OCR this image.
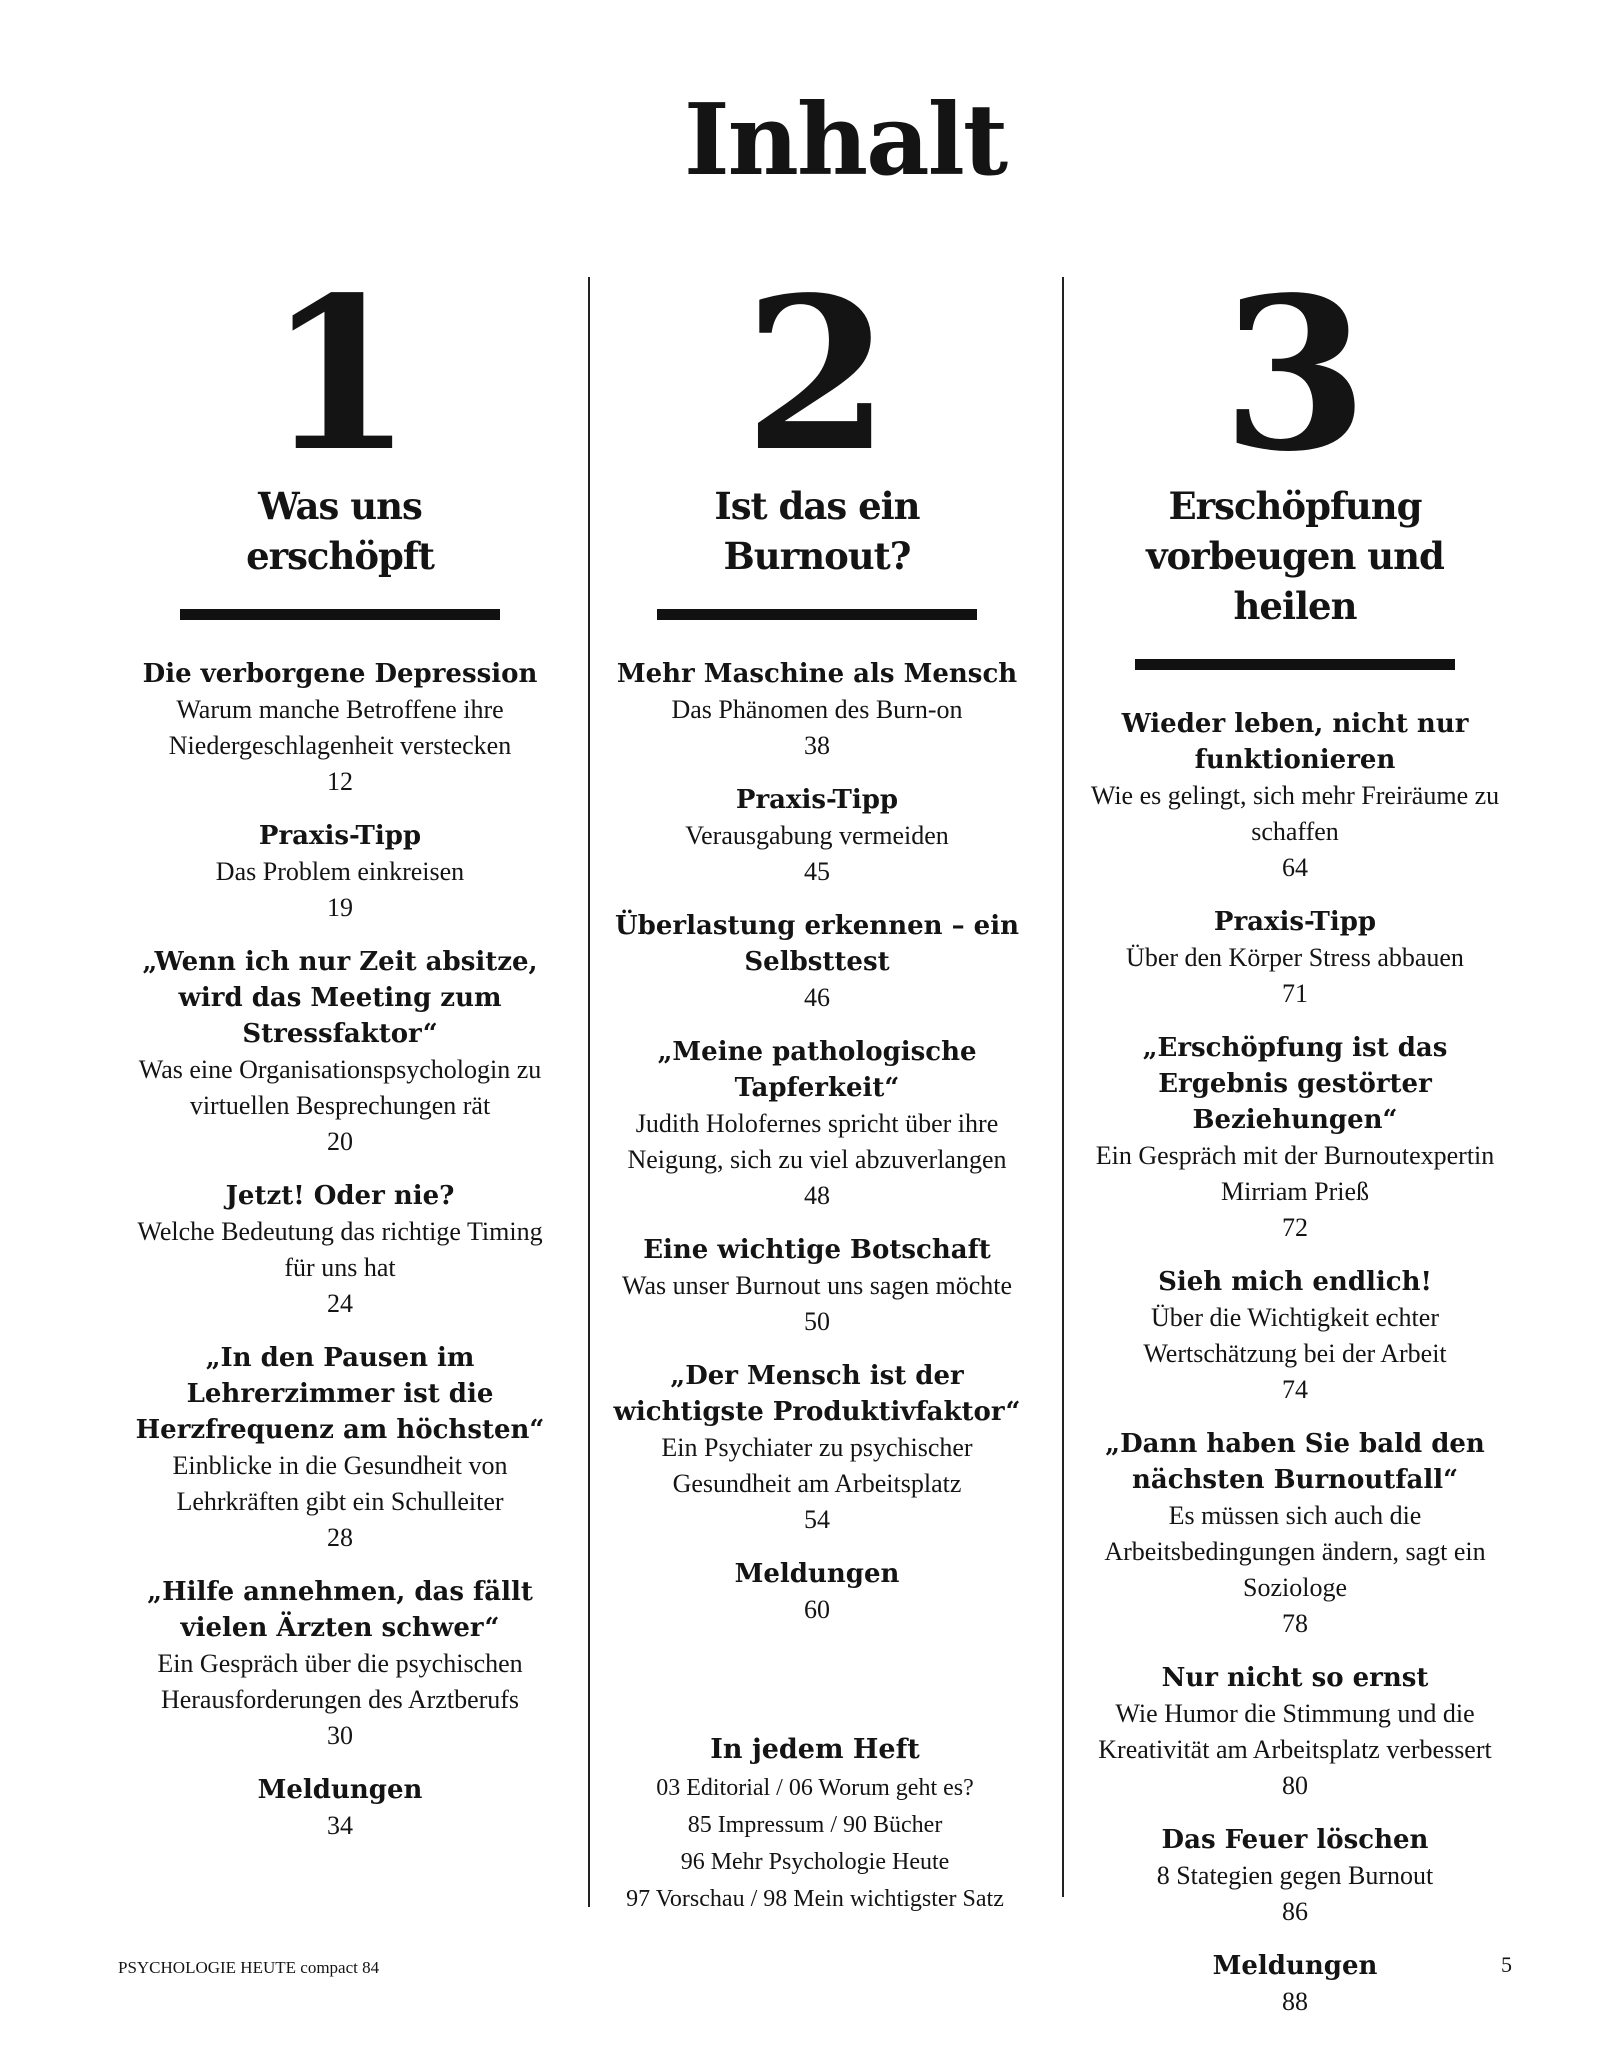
Inhalt
1
Was uns erschöpft
Die verborgene Depression
Warum manche Betroffene ihre Niedergeschlagenheit verstecken
12
Praxis-Tipp
Das Problem einkreisen
19
„Wenn ich nur Zeit absitze, wird das Meeting zum Stressfaktor“
Was eine Organisationspsychologin zu virtuellen Besprechungen rät
20
Jetzt! Oder nie?
Welche Bedeutung das richtige Timing für uns hat
24
„In den Pausen im Lehrerzimmer ist die Herzfrequenz am höchsten“
Einblicke in die Gesundheit von Lehrkräften gibt ein Schulleiter
28
„Hilfe annehmen, das fällt vielen Ärzten schwer“
Ein Gespräch über die psychischen Herausforderungen des Arztberufs
30
Meldungen
34
2
Ist das ein Burnout?
Mehr Maschine als Mensch
Das Phänomen des Burn-on
38
Praxis-Tipp
Verausgabung vermeiden
45
Überlastung erkennen – ein Selbsttest
46
„Meine pathologische Tapferkeit“
Judith Holofernes spricht über ihre Neigung, sich zu viel abzuverlangen
48
Eine wichtige Botschaft
Was unser Burnout uns sagen möchte
50
„Der Mensch ist der wichtigste Produktivfaktor“
Ein Psychiater zu psychischer Gesundheit am Arbeitsplatz
54
Meldungen
60
3
Erschöpfung vorbeugen und heilen
Wieder leben, nicht nur funktionieren
Wie es gelingt, sich mehr Freiräume zu schaffen
64
Praxis-Tipp
Über den Körper Stress abbauen
71
„Erschöpfung ist das Ergebnis gestörter Beziehungen“
Ein Gespräch mit der Burnoutexpertin Mirriam Prieß
72
Sieh mich endlich!
Über die Wichtigkeit echter Wertschätzung bei der Arbeit
74
„Dann haben Sie bald den nächsten Burnoutfall“
Es müssen sich auch die Arbeitsbedingungen ändern, sagt ein Soziologe
78
Nur nicht so ernst
Wie Humor die Stimmung und die Kreativität am Arbeitsplatz verbessert
80
Das Feuer löschen
8 Stategien gegen Burnout
86
Meldungen
88
In jedem Heft
03 Editorial / 06 Worum geht es?
85 Impressum / 90 Bücher
96 Mehr Psychologie Heute
97 Vorschau / 98 Mein wichtigster Satz
PSYCHOLOGIE HEUTE compact 84	5
